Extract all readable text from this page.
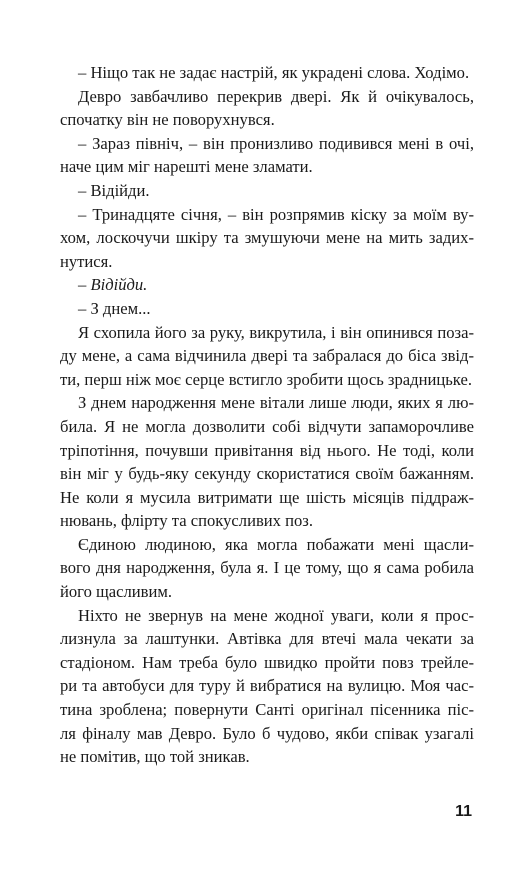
– Ніщо так не задає настрій, як украдені слова. Ходімо.
Деврo завбачливо перекрив двері. Як й очікувалось,
спочатку він не поворухнувся.
– Зараз північ, – він пронизливо подивився мені в очі,
наче цим міг нарешті мене зламати.
– Відійди.
– Тринадцяте січня, – він розпрямив кіску за моїм ву-
хом, лоскочучи шкіру та змушуючи мене на мить задих-
нутися.
– Відійди.
– З днем...
Я схопила його за руку, викрутила, і він опинився поза-
ду мене, а сама відчинила двері та забралася до біса звід-
ти, перш ніж моє серце встигло зробити щось зрадницьке.
З днем народження мене вітали лише люди, яких я лю-
била. Я не могла дозволити собі відчути запаморочливе
тріпотіння, почувши привітання від нього. Не тоді, коли
він міг у будь-яку секунду скористатися своїм бажанням.
Не коли я мусила витримати ще шість місяців піддраж-
нювань, флірту та спокусливих поз.
Єдиною людиною, яка могла побажати мені щасли-
вого дня народження, була я. І це тому, що я сама робила
його щасливим.
Ніхто не звернув на мене жодної уваги, коли я прос-
лизнула за лаштунки. Автівка для втечі мала чекати за
стадіоном. Нам треба було швидко пройти повз трейле-
ри та автобуси для туру й вибратися на вулицю. Моя час-
тина зроблена; повернути Санті оригінал пісенника піс-
ля фіналу мав Деврo. Було б чудово, якби співак узагалі
не помітив, що той зникав.
11
